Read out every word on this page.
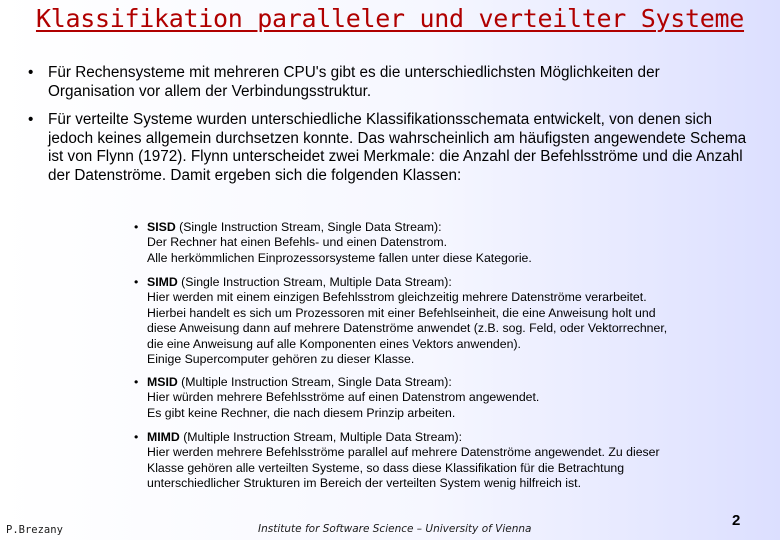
Klassifikation paralleler und verteilter Systeme
• Für Rechensysteme mit mehreren CPU's gibt es die unterschiedlichsten Möglichkeiten der Organisation vor allem der Verbindungsstruktur.
• Für verteilte Systeme wurden unterschiedliche Klassifikationsschemata entwickelt, von denen sich jedoch keines allgemein durchsetzen konnte. Das wahrscheinlich am häufigsten angewendete Schema ist von Flynn (1972). Flynn unterscheidet zwei Merkmale: die Anzahl der Befehlsströme und die Anzahl der Datenströme. Damit ergeben sich die folgenden Klassen:
• SISD (Single Instruction Stream, Single Data Stream):
Der Rechner hat einen Befehls- und einen Datenstrom.
Alle herkömmlichen Einprozessorsysteme fallen unter diese Kategorie.
• SIMD (Single Instruction Stream, Multiple Data Stream):
Hier werden mit einem einzigen Befehlsstrom gleichzeitig mehrere Datenströme verarbeitet.
Hierbei handelt es sich um Prozessoren mit einer Befehlseinheit, die eine Anweisung holt und
diese Anweisung dann auf mehrere Datenströme anwendet (z.B. sog. Feld, oder Vektorrechner,
die eine Anweisung auf alle Komponenten eines Vektors anwenden).
Einige Supercomputer gehören zu dieser Klasse.
• MSID (Multiple Instruction Stream, Single Data Stream):
Hier würden mehrere Befehlsströme auf einen Datenstrom angewendet.
Es gibt keine Rechner, die nach diesem Prinzip arbeiten.
• MIMD (Multiple Instruction Stream, Multiple Data Stream):
Hier werden mehrere Befehlsströme parallel auf mehrere Datenströme angewendet. Zu dieser
Klasse gehören alle verteilten Systeme, so dass diese Klassifikation für die Betrachtung
unterschiedlicher Strukturen im Bereich der verteilten System wenig hilfreich ist.
P.Brezany	Institute for Software Science – University of Vienna	2
